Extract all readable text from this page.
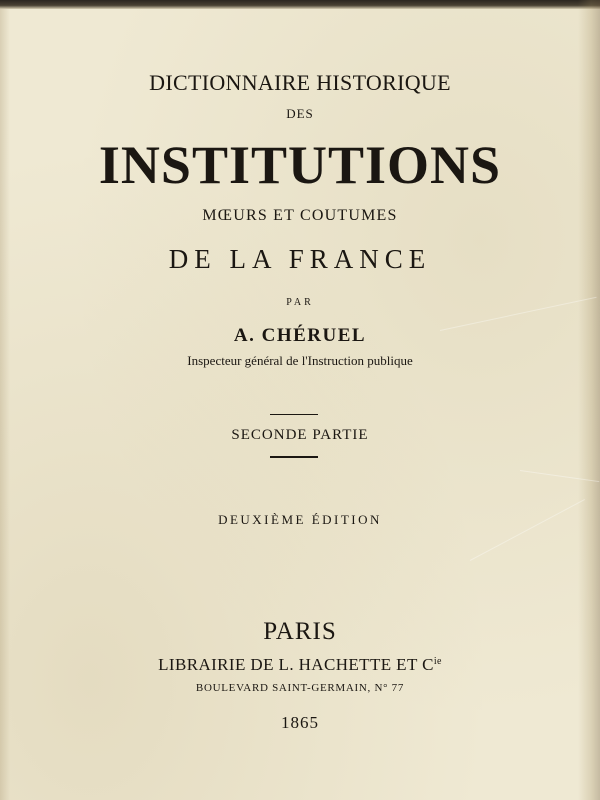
DICTIONNAIRE HISTORIQUE
DES
INSTITUTIONS
MŒURS ET COUTUMES
DE LA FRANCE
PAR
A. CHÉRUEL
Inspecteur général de l'Instruction publique
SECONDE PARTIE
DEUXIÈME ÉDITION
PARIS
LIBRAIRIE DE L. HACHETTE ET $C^{ie}$
BOULEVARD SAINT-GERMAIN, N° 77
1865
